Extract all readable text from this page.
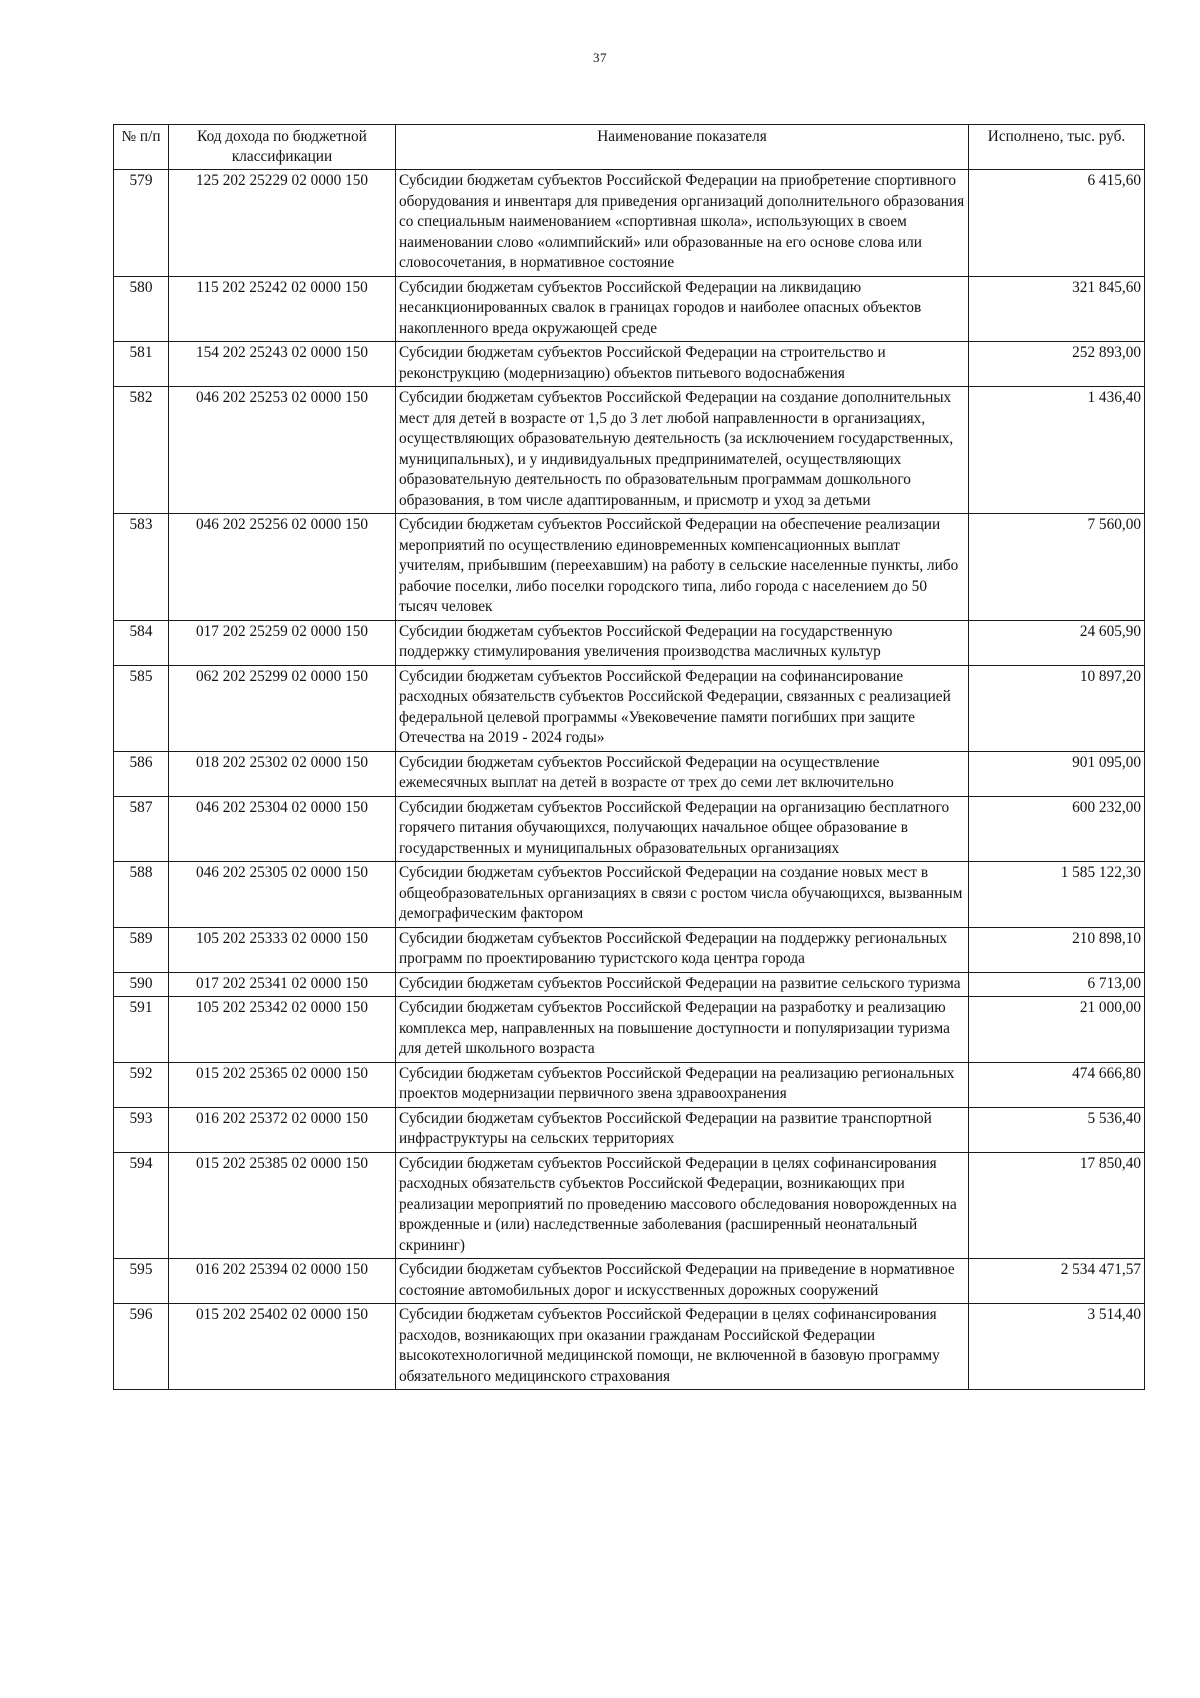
37
№ п/п	Код дохода по бюджетной классификации	Наименование показателя	Исполнено, тыс. руб.
579	125 202 25229 02 0000 150	Субсидии бюджетам субъектов Российской Федерации на приобретение спортивного оборудования и инвентаря для приведения организаций дополнительного образования со специальным наименованием «спортивная школа», использующих в своем наименовании слово «олимпийский» или образованные на его основе слова или словосочетания, в нормативное состояние	6 415,60
580	115 202 25242 02 0000 150	Субсидии бюджетам субъектов Российской Федерации на ликвидацию несанкционированных свалок в границах городов и наиболее опасных объектов накопленного вреда окружающей среде	321 845,60
581	154 202 25243 02 0000 150	Субсидии бюджетам субъектов Российской Федерации на строительство и реконструкцию (модернизацию) объектов питьевого водоснабжения	252 893,00
582	046 202 25253 02 0000 150	Субсидии бюджетам субъектов Российской Федерации на создание дополнительных мест для детей в возрасте от 1,5 до 3 лет любой направленности в организациях, осуществляющих образовательную деятельность (за исключением государственных, муниципальных), и у индивидуальных предпринимателей, осуществляющих образовательную деятельность по образовательным программам дошкольного образования, в том числе адаптированным, и присмотр и уход за детьми	1 436,40
583	046 202 25256 02 0000 150	Субсидии бюджетам субъектов Российской Федерации на обеспечение реализации мероприятий по осуществлению единовременных компенсационных выплат учителям, прибывшим (переехавшим) на работу в сельские населенные пункты, либо рабочие поселки, либо поселки городского типа, либо города с населением до 50 тысяч человек	7 560,00
584	017 202 25259 02 0000 150	Субсидии бюджетам субъектов Российской Федерации на государственную поддержку стимулирования увеличения производства масличных культур	24 605,90
585	062 202 25299 02 0000 150	Субсидии бюджетам субъектов Российской Федерации на софинансирование расходных обязательств субъектов Российской Федерации, связанных с реализацией федеральной целевой программы «Увековечение памяти погибших при защите Отечества на 2019 - 2024 годы»	10 897,20
586	018 202 25302 02 0000 150	Субсидии бюджетам субъектов Российской Федерации на осуществление ежемесячных выплат на детей в возрасте от трех до семи лет включительно	901 095,00
587	046 202 25304 02 0000 150	Субсидии бюджетам субъектов Российской Федерации на организацию бесплатного горячего питания обучающихся, получающих начальное общее образование в государственных и муниципальных образовательных организациях	600 232,00
588	046 202 25305 02 0000 150	Субсидии бюджетам субъектов Российской Федерации на создание новых мест в общеобразовательных организациях в связи с ростом числа обучающихся, вызванным демографическим фактором	1 585 122,30
589	105 202 25333 02 0000 150	Субсидии бюджетам субъектов Российской Федерации на поддержку региональных программ по проектированию туристского кода центра города	210 898,10
590	017 202 25341 02 0000 150	Субсидии бюджетам субъектов Российской Федерации на развитие сельского туризма	6 713,00
591	105 202 25342 02 0000 150	Субсидии бюджетам субъектов Российской Федерации на разработку и реализацию комплекса мер, направленных на повышение доступности и популяризации туризма для детей школьного возраста	21 000,00
592	015 202 25365 02 0000 150	Субсидии бюджетам субъектов Российской Федерации на реализацию региональных проектов модернизации первичного звена здравоохранения	474 666,80
593	016 202 25372 02 0000 150	Субсидии бюджетам субъектов Российской Федерации на развитие транспортной инфраструктуры на сельских территориях	5 536,40
594	015 202 25385 02 0000 150	Субсидии бюджетам субъектов Российской Федерации в целях софинансирования расходных обязательств субъектов Российской Федерации, возникающих при реализации мероприятий по проведению массового обследования новорожденных на врожденные и (или) наследственные заболевания (расширенный неонатальный скрининг)	17 850,40
595	016 202 25394 02 0000 150	Субсидии бюджетам субъектов Российской Федерации на приведение в нормативное состояние автомобильных дорог и искусственных дорожных сооружений	2 534 471,57
596	015 202 25402 02 0000 150	Субсидии бюджетам субъектов Российской Федерации в целях софинансирования расходов, возникающих при оказании гражданам Российской Федерации высокотехнологичной медицинской помощи, не включенной в базовую программу обязательного медицинского страхования	3 514,40
